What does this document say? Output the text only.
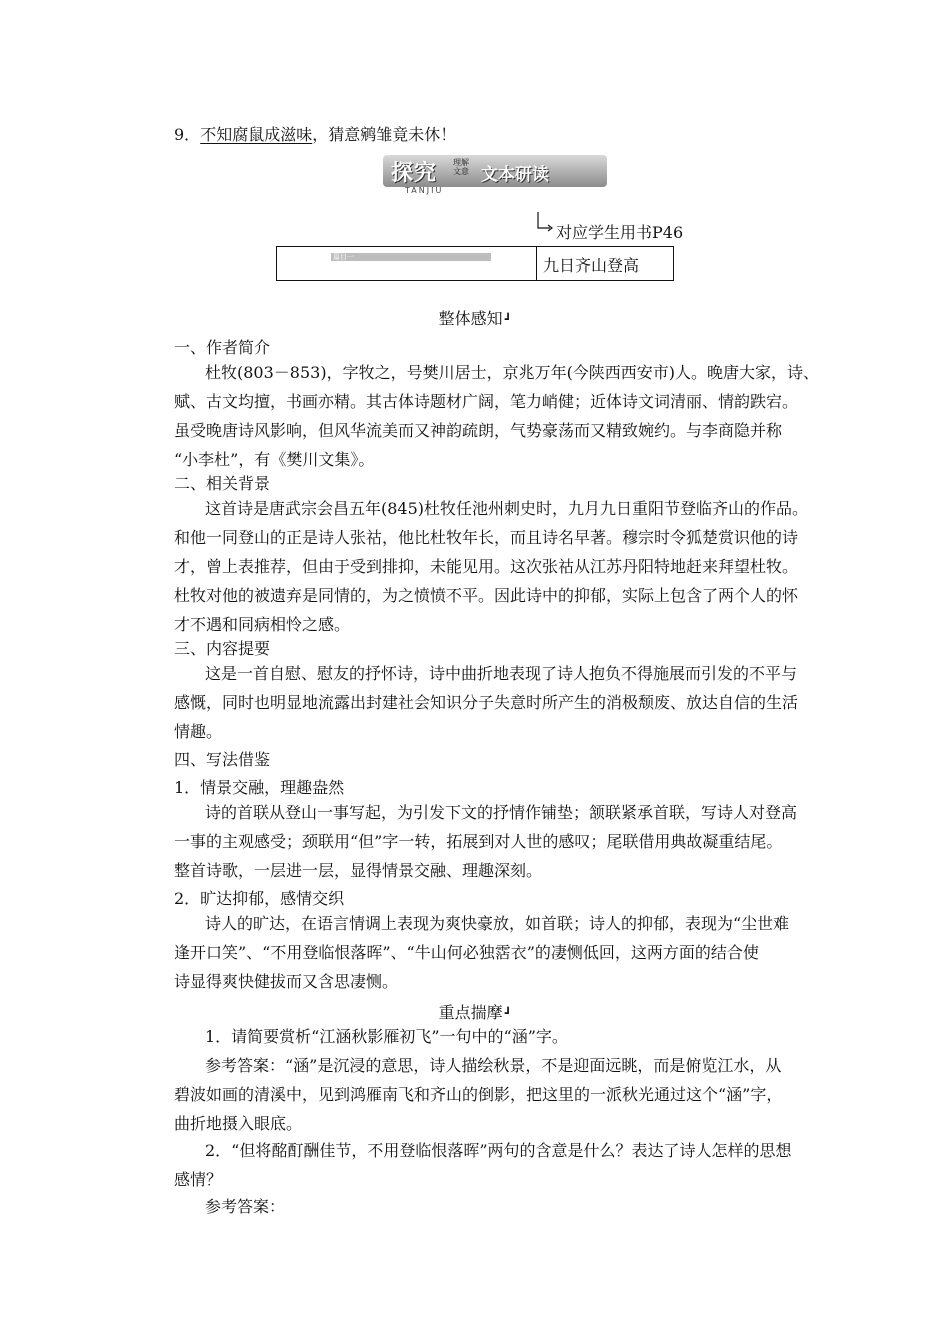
9．不知腐鼠成滋味，猜意鹓雏竟未休！
探究 理解文意 文本研读
TANJIU
对应学生用书P46
篇目一	九日齐山登高
整体感知 ┛
一、作者简介
杜牧(803－853)，字牧之，号樊川居士，京兆万年(今陕西西安市)人。晚唐大家，诗、
赋、古文均擅，书画亦精。其古体诗题材广阔，笔力峭健；近体诗文词清丽、情韵跌宕。
虽受晚唐诗风影响，但风华流美而又神韵疏朗，气势豪荡而又精致婉约。与李商隐并称
“小李杜”，有《樊川文集》。
二、相关背景
这首诗是唐武宗会昌五年(845)杜牧任池州刺史时，九月九日重阳节登临齐山的作品。
和他一同登山的正是诗人张祜，他比杜牧年长，而且诗名早著。穆宗时令狐楚赏识他的诗
才，曾上表推荐，但由于受到排抑，未能见用。这次张祜从江苏丹阳特地赶来拜望杜牧。
杜牧对他的被遗弃是同情的，为之愤愤不平。因此诗中的抑郁，实际上包含了两个人的怀
才不遇和同病相怜之感。
三、内容提要
这是一首自慰、慰友的抒怀诗，诗中曲折地表现了诗人抱负不得施展而引发的不平与
感慨，同时也明显地流露出封建社会知识分子失意时所产生的消极颓废、放达自信的生活
情趣。
四、写法借鉴
1．情景交融，理趣盎然
诗的首联从登山一事写起，为引发下文的抒情作铺垫；颔联紧承首联，写诗人对登高
一事的主观感受；颈联用“但”字一转，拓展到对人世的感叹；尾联借用典故凝重结尾。
整首诗歌，一层进一层，显得情景交融、理趣深刻。
2．旷达抑郁，感情交织
诗人的旷达，在语言情调上表现为爽快豪放，如首联；诗人的抑郁，表现为“尘世难
逢开口笑”、“不用登临恨落晖”、“牛山何必独霑衣”的凄恻低回，这两方面的结合使
诗显得爽快健拔而又含思凄恻。
重点揣摩 ┛
1．请简要赏析“江涵秋影雁初飞”一句中的“涵”字。
参考答案：“涵”是沉浸的意思，诗人描绘秋景，不是迎面远眺，而是俯览江水，从
碧波如画的清溪中，见到鸿雁南飞和齐山的倒影，把这里的一派秋光通过这个“涵”字，
曲折地摄入眼底。
2．“但将酩酊酬佳节，不用登临恨落晖”两句的含意是什么？表达了诗人怎样的思想
感情？
参考答案：
